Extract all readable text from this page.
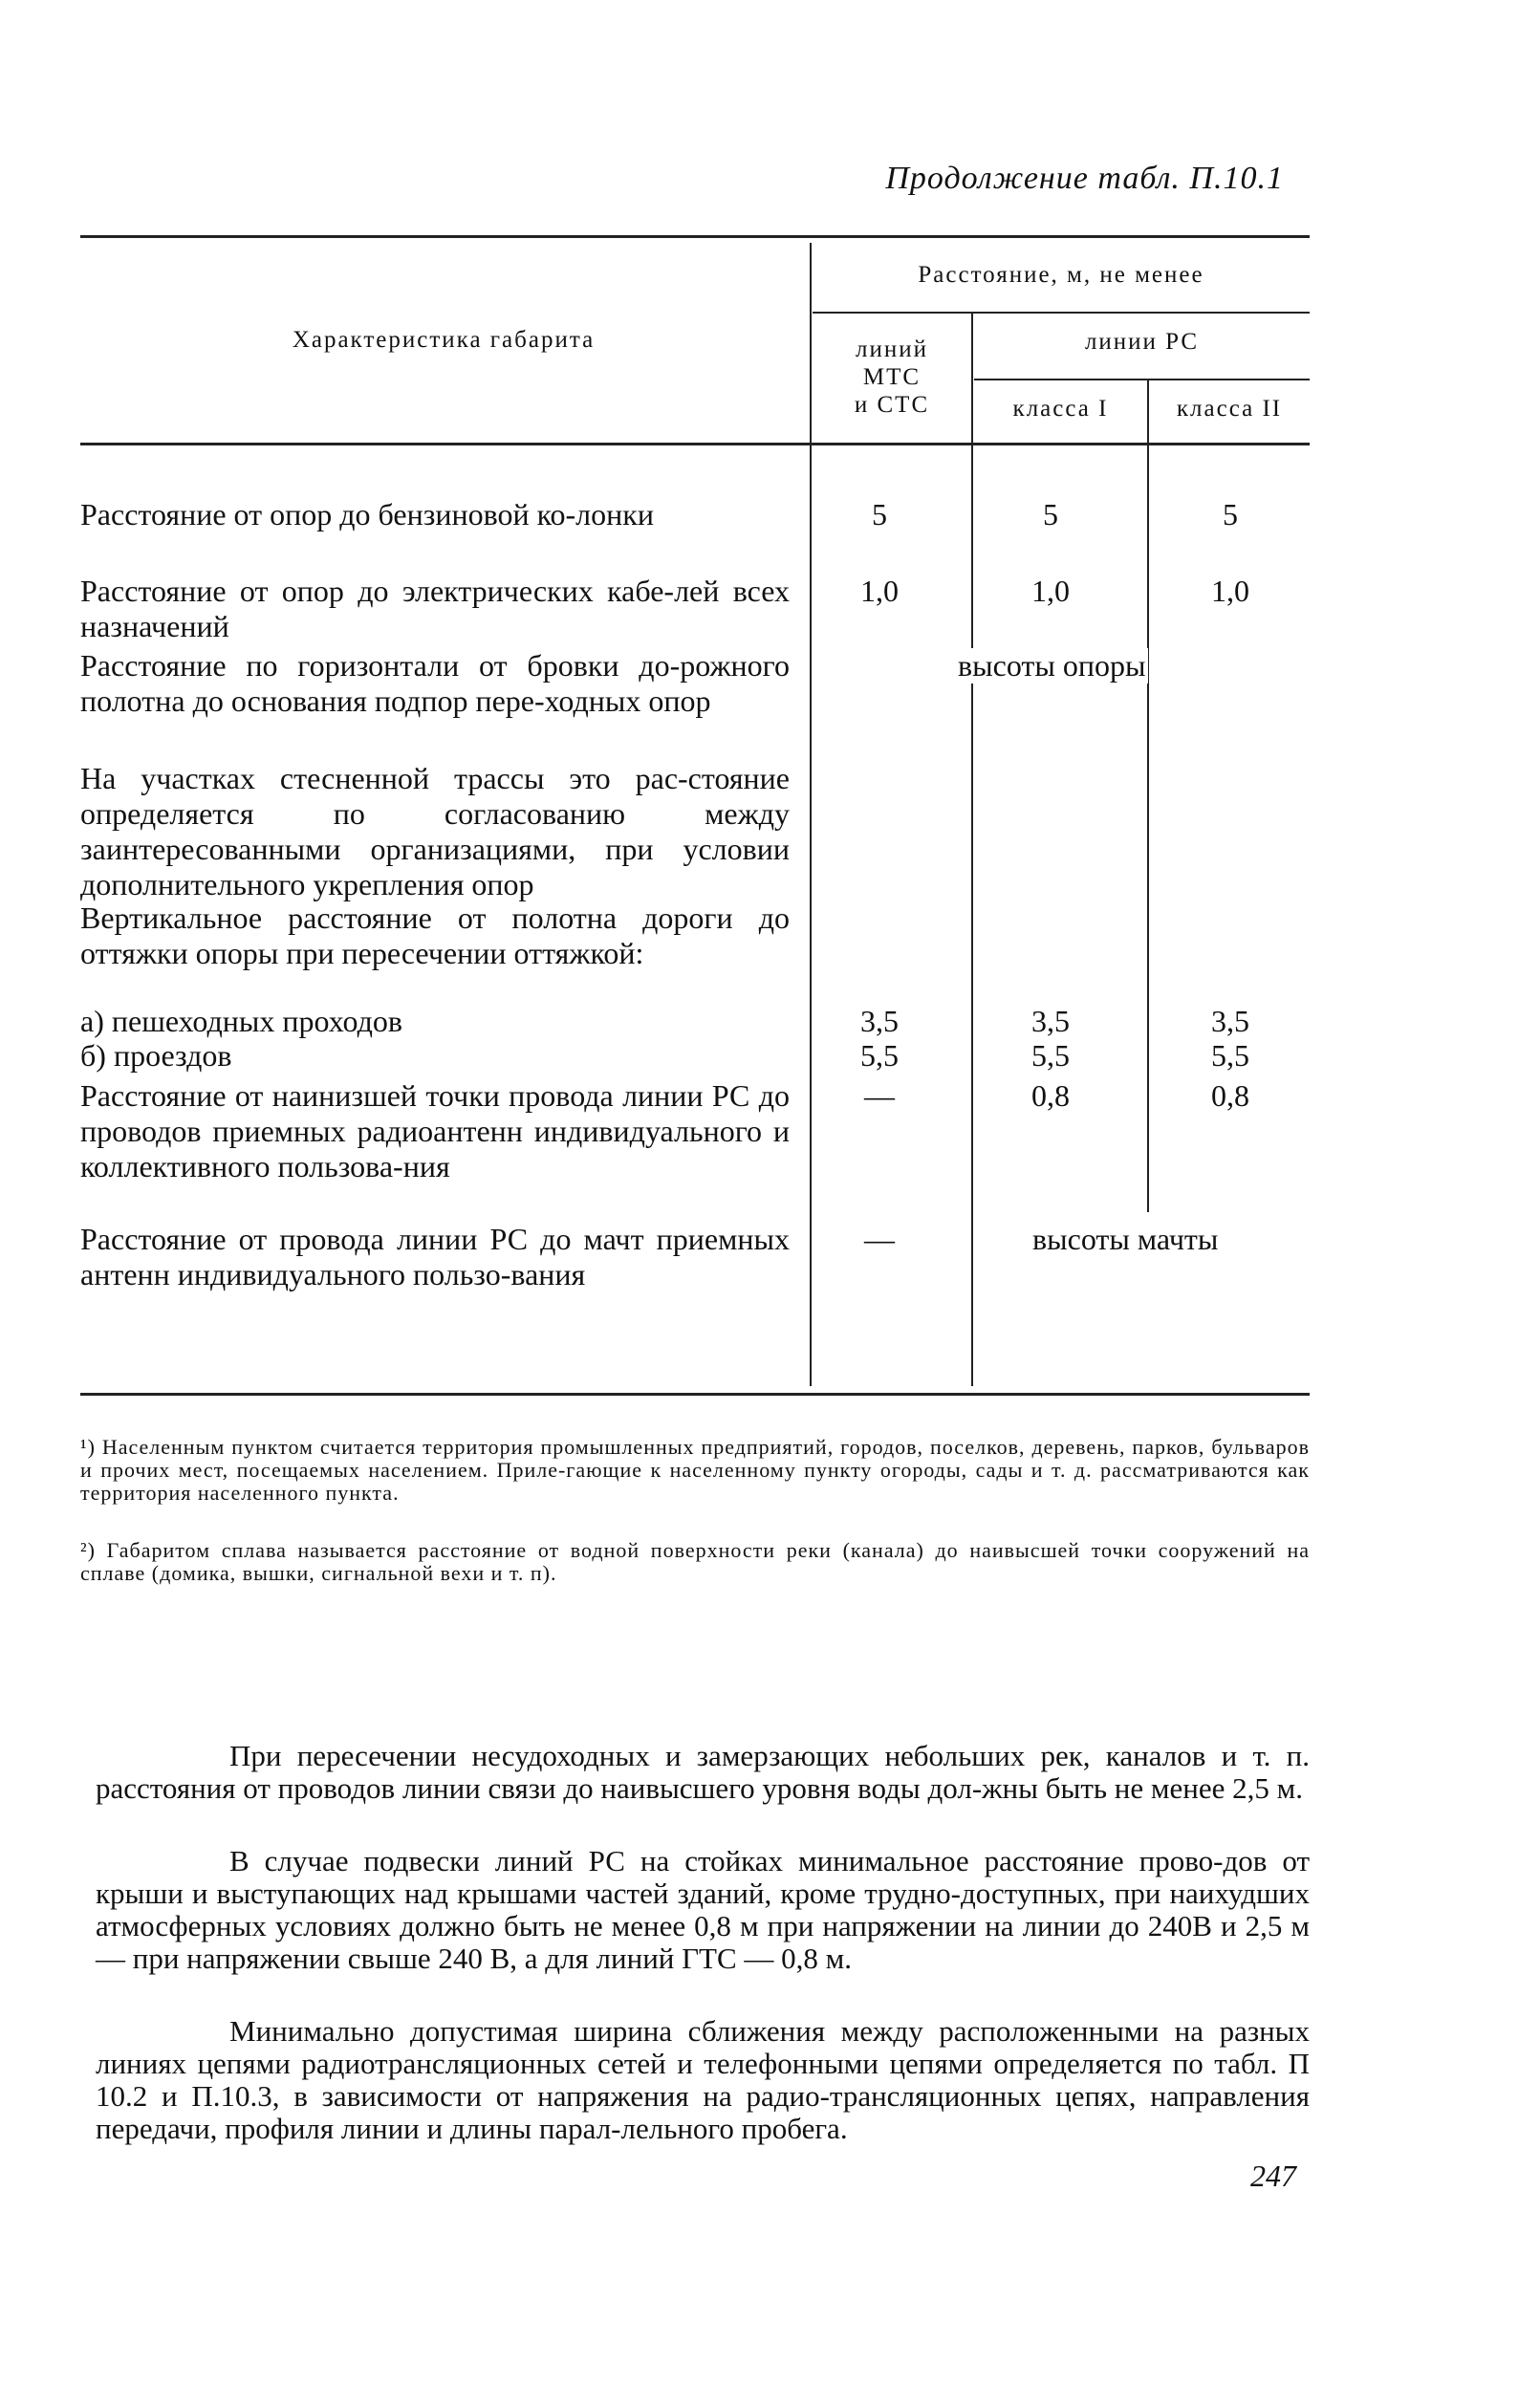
Продолжение табл. П.10.1
Характеристика габарита
Расстояние, м, не менее
линий
МТС
и СТС
линии РС
класса I	класса II
Расстояние от опор до бензиновой ко-лонки
Расстояние от опор до электрических кабе-лей всех назначений
Расстояние по горизонтали от бровки до-рожного полотна до основания подпор пере-ходных опор
На участках стесненной трассы это рас-стояние определяется по согласованию между заинтересованными организациями, при условии дополнительного укрепления опор
Вертикальное расстояние от полотна дороги до оттяжки опоры при пересечении оттяжкой:
а) пешеходных проходов
б) проездов
Расстояние от наинизшей точки провода линии РС до проводов приемных радиоантенн индивидуального и коллективного пользова-ния
Расстояние от провода линии РС до мачт приемных антенн индивидуального пользо-вания
5
1,0
3,5
5,5
—
—
5
1,0
3,5
5,5
0,8
5
1,0
3,5
5,5
0,8
высоты опоры
высоты мачты
¹) Населенным пунктом считается территория промышленных предприятий, городов, поселков, деревень, парков, бульваров и прочих мест, посещаемых населением. Приле-гающие к населенному пункту огороды, сады и т. д. рассматриваются как территория населенного пункта.
²) Габаритом сплава называется расстояние от водной поверхности реки (канала) до наивысшей точки сооружений на сплаве (домика, вышки, сигнальной вехи и т. п).
При пересечении несудоходных и замерзающих небольших рек, каналов и т. п. расстояния от проводов линии связи до наивысшего уровня воды дол-жны быть не менее 2,5 м.
В случае подвески линий РС на стойках минимальное расстояние прово-дов от крыши и выступающих над крышами частей зданий, кроме трудно-доступных, при наихудших атмосферных условиях должно быть не менее 0,8 м при напряжении на линии до 240В и 2,5 м — при напряжении свыше 240 В, а для линий ГТС — 0,8 м.
Минимально допустимая ширина сближения между расположенными на разных линиях цепями радиотрансляционных сетей и телефонными цепями определяется по табл. П 10.2 и П.10.3, в зависимости от напряжения на радио-трансляционных цепях, направления передачи, профиля линии и длины парал-лельного пробега.
247
